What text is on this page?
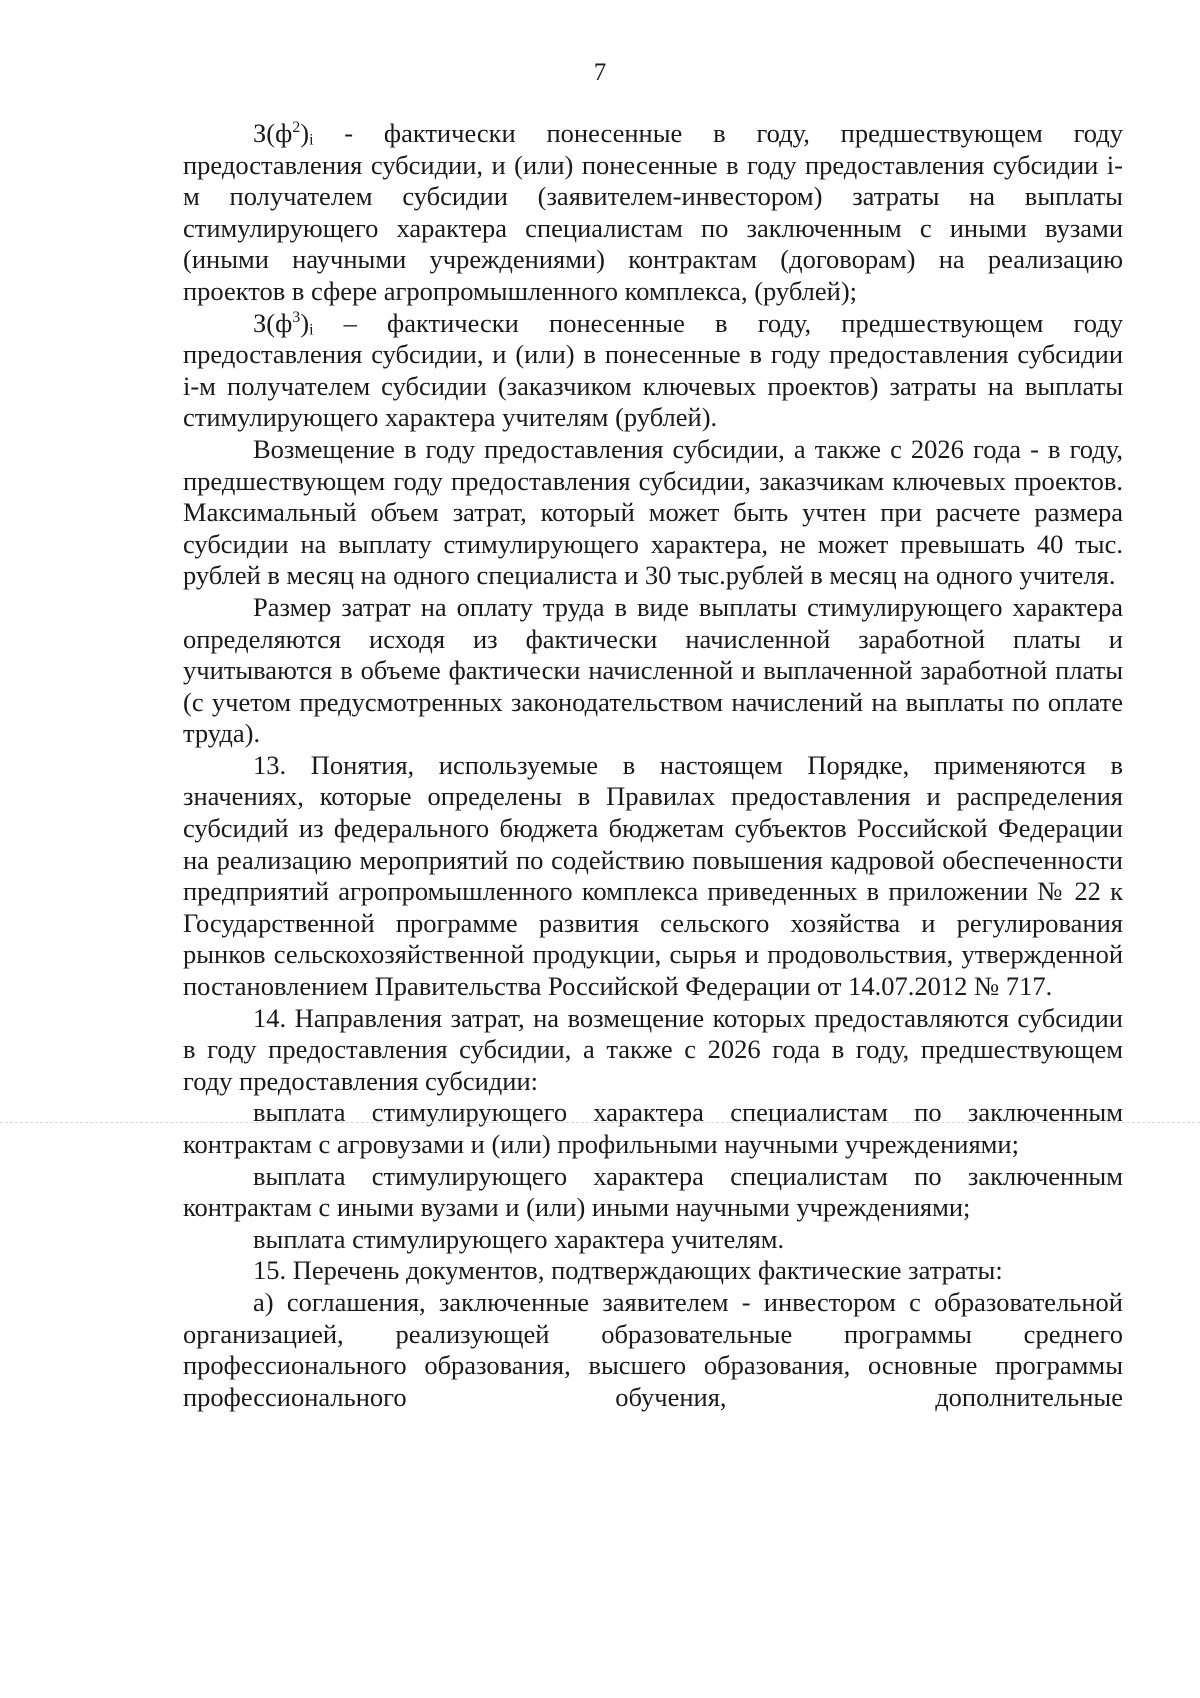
7

$З(ф^2)ᵢ$ - фактически понесенные в году, предшествующем году предоставления субсидии, и (или) понесенные в году предоставления субсидии i-м получателем субсидии (заявителем-инвестором) затраты на выплаты стимулирующего характера специалистам по заключенным с иными вузами (иными научными учреждениями) контрактам (договорам) на реализацию проектов в сфере агропромышленного комплекса, (рублей);

$З(ф^3)ᵢ$ – фактически понесенные в году, предшествующем году предоставления субсидии, и (или) в понесенные в году предоставления субсидии i-м получателем субсидии (заказчиком ключевых проектов) затраты на выплаты стимулирующего характера учителям (рублей).

Возмещение в году предоставления субсидии, а также с 2026 года - в году, предшествующем году предоставления субсидии, заказчикам ключевых проектов. Максимальный объем затрат, который может быть учтен при расчете размера субсидии на выплату стимулирующего характера, не может превышать 40 тыс. рублей в месяц на одного специалиста и 30 тыс.рублей в месяц на одного учителя.

Размер затрат на оплату труда в виде выплаты стимулирующего характера определяются исходя из фактически начисленной заработной платы и учитываются в объеме фактически начисленной и выплаченной заработной платы (с учетом предусмотренных законодательством начислений на выплаты по оплате труда).

13. Понятия, используемые в настоящем Порядке, применяются в значениях, которые определены в Правилах предоставления и распределения субсидий из федерального бюджета бюджетам субъектов Российской Федерации на реализацию мероприятий по содействию повышения кадровой обеспеченности предприятий агропромышленного комплекса приведенных в приложении № 22 к Государственной программе развития сельского хозяйства и регулирования рынков сельскохозяйственной продукции, сырья и продовольствия, утвержденной постановлением Правительства Российской Федерации от 14.07.2012 № 717.

14. Направления затрат, на возмещение которых предоставляются субсидии в году предоставления субсидии, а также с 2026 года в году, предшествующем году предоставления субсидии:

выплата стимулирующего характера специалистам по заключенным контрактам с агровузами и (или) профильными научными учреждениями;

выплата стимулирующего характера специалистам по заключенным контрактам с иными вузами и (или) иными научными учреждениями;

выплата стимулирующего характера учителям.

15. Перечень документов, подтверждающих фактические затраты:

а) соглашения, заключенные заявителем - инвестором с образовательной организацией, реализующей образовательные программы среднего профессионального образования, высшего образования, основные программы профессионального обучения, дополнительные
